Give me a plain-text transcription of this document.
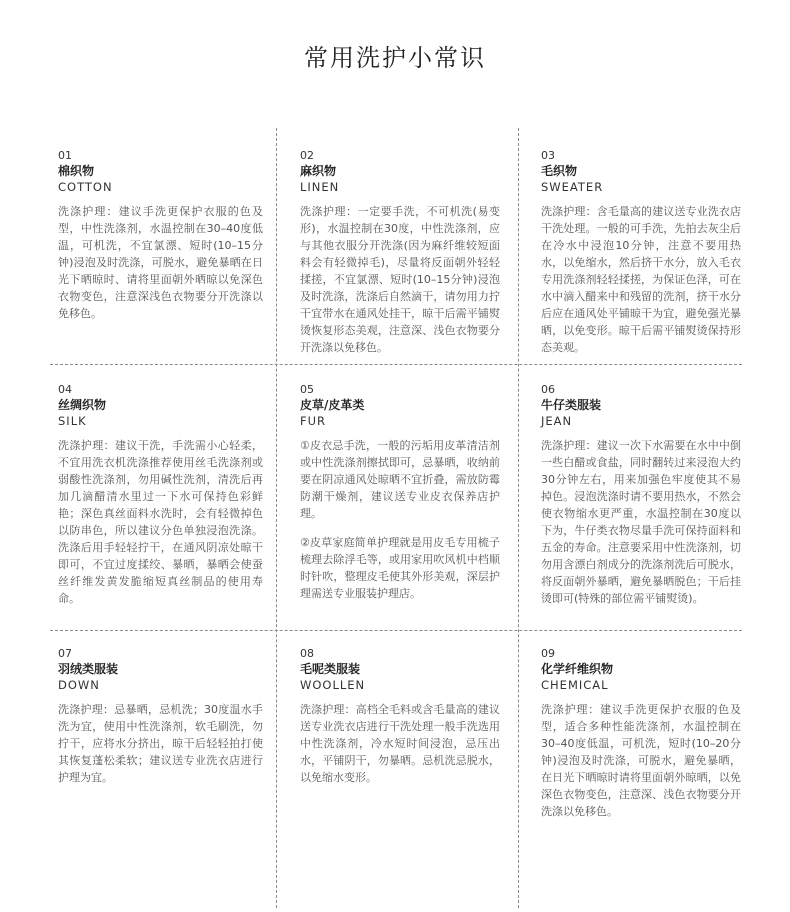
常用洗护小常识
01
棉织物
COTTON

洗涤护理：建议手洗更保护衣服的色及型，中性洗涤剂，水温控制在30–40度低温，可机洗，不宜氯漂、短时(10–15分钟)浸泡及时洗涤，可脱水，避免暴晒在日光下晒晾时、请将里面朝外晒晾以免深色衣物变色，注意深浅色衣物要分开洗涤以免移色。

02
麻织物
LINEN

洗涤护理：一定要手洗，不可机洗(易变形)，水温控制在30度，中性洗涤剂，应与其他衣服分开洗涤(因为麻纤维较短面料会有轻微掉毛)，尽量将反面朝外轻轻揉搓，不宜氯漂、短时(10–15分钟)浸泡及时洗涤，洗涤后自然滴干，请勿用力拧干宜带水在通风处挂干，晾干后需平铺熨烫恢复形态美观，注意深、浅色衣物要分开洗涤以免移色。

03
毛织物
SWEATER

洗涤护理：含毛量高的建议送专业洗衣店干洗处理。一般的可手洗，先拍去灰尘后在冷水中浸泡10分钟，注意不要用热水，以免缩水，然后挤干水分，放入毛衣专用洗涤剂轻轻揉搓，为保证色泽，可在水中滴入醋来中和残留的洗剂，挤干水分后应在通风处平铺晾干为宜，避免强光暴晒，以免变形。晾干后需平铺熨烫保持形态美观。

04
丝绸织物
SILK

洗涤护理：建议干洗，手洗需小心轻柔，不宜用洗衣机洗涤推荐使用丝毛洗涤剂或弱酸性洗涤剂，勿用碱性洗剂，清洗后再加几滴醋清水里过一下水可保持色彩鲜艳；深色真丝面料水洗时，会有轻微掉色以防串色，所以建议分色单独浸泡洗涤。洗涤后用手轻轻拧干，在通风阴凉处晾干即可，不宜过度揉绞、暴晒，暴晒会使蚕丝纤维发黄发脆缩短真丝制品的使用寿命。

05
皮草/皮革类
FUR

①皮衣忌手洗，一般的污垢用皮革清洁剂或中性洗涤剂擦拭即可，忌暴晒，收纳前要在阴凉通风处晾晒不宜折叠，需放防霉防潮干燥剂，建议送专业皮衣保养店护理。

②皮草家庭简单护理就是用皮毛专用梳子梳理去除浮毛等，或用家用吹风机中档顺时针吹，整理皮毛使其外形美观，深层护理需送专业服装护理店。

06
牛仔类服装
JEAN

洗涤护理：建议一次下水需要在水中中倒一些白醋或食盐，同时翻转过来浸泡大约30分钟左右，用来加强色牢度使其不易掉色。浸泡洗涤时请不要用热水，不然会使衣物缩水更严重，水温控制在30度以下为，牛仔类衣物尽量手洗可保持面料和五金的寿命。注意要采用中性洗涤剂，切勿用含漂白剂成分的洗涤剂洗后可脱水，将反面朝外暴晒，避免暴晒脱色；干后挂烫即可(特殊的部位需平铺熨烫)。

07
羽绒类服装
DOWN

洗涤护理：忌暴晒，忌机洗；30度温水手洗为宜，使用中性洗涤剂，软毛刷洗，勿拧干，应将水分挤出，晾干后轻轻拍打使其恢复蓬松柔软；建议送专业洗衣店进行护理为宜。

08
毛呢类服装
WOOLLEN

洗涤护理：高档全毛料或含毛量高的建议送专业洗衣店进行干洗处理一般手洗选用中性洗涤剂，冷水短时间浸泡，忌压出水，平铺阴干，勿暴晒。忌机洗忌脱水，以免缩水变形。

09
化学纤维织物
CHEMICAL

洗涤护理：建议手洗更保护衣服的色及型，适合多种性能洗涤剂，水温控制在30–40度低温，可机洗，短时(10–20分钟)浸泡及时洗涤，可脱水，避免暴晒，在日光下晒晾时请将里面朝外晾晒，以免深色衣物变色，注意深、浅色衣物要分开洗涤以免移色。
